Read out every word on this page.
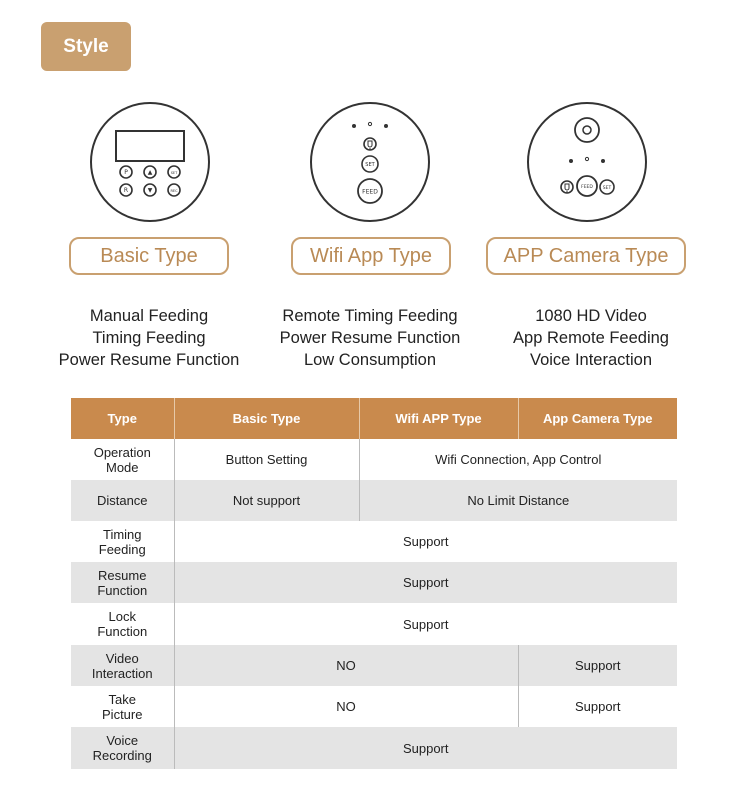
Style
P	▲	SET
R	▼	REC
SET
FEED
FEED SET
Basic Type	Wifi App Type	APP Camera Type
Manual Feeding
Timing Feeding
Power Resume Function
Remote Timing Feeding
Power Resume Function
Low Consumption
1080 HD Video
App Remote Feeding
Voice Interaction
Type	Basic Type	Wifi APP Type	App Camera Type
Operation
Mode	Button Setting	Wifi Connection, App Control	
Distance	Not support	No Limit Distance	
Timing
Feeding	Support		
Resume
Function	Support		
Lock
Function	Support		
Video
Interaction	NO		Support
Take
Picture	NO		Support
Voice
Recording	Support		
